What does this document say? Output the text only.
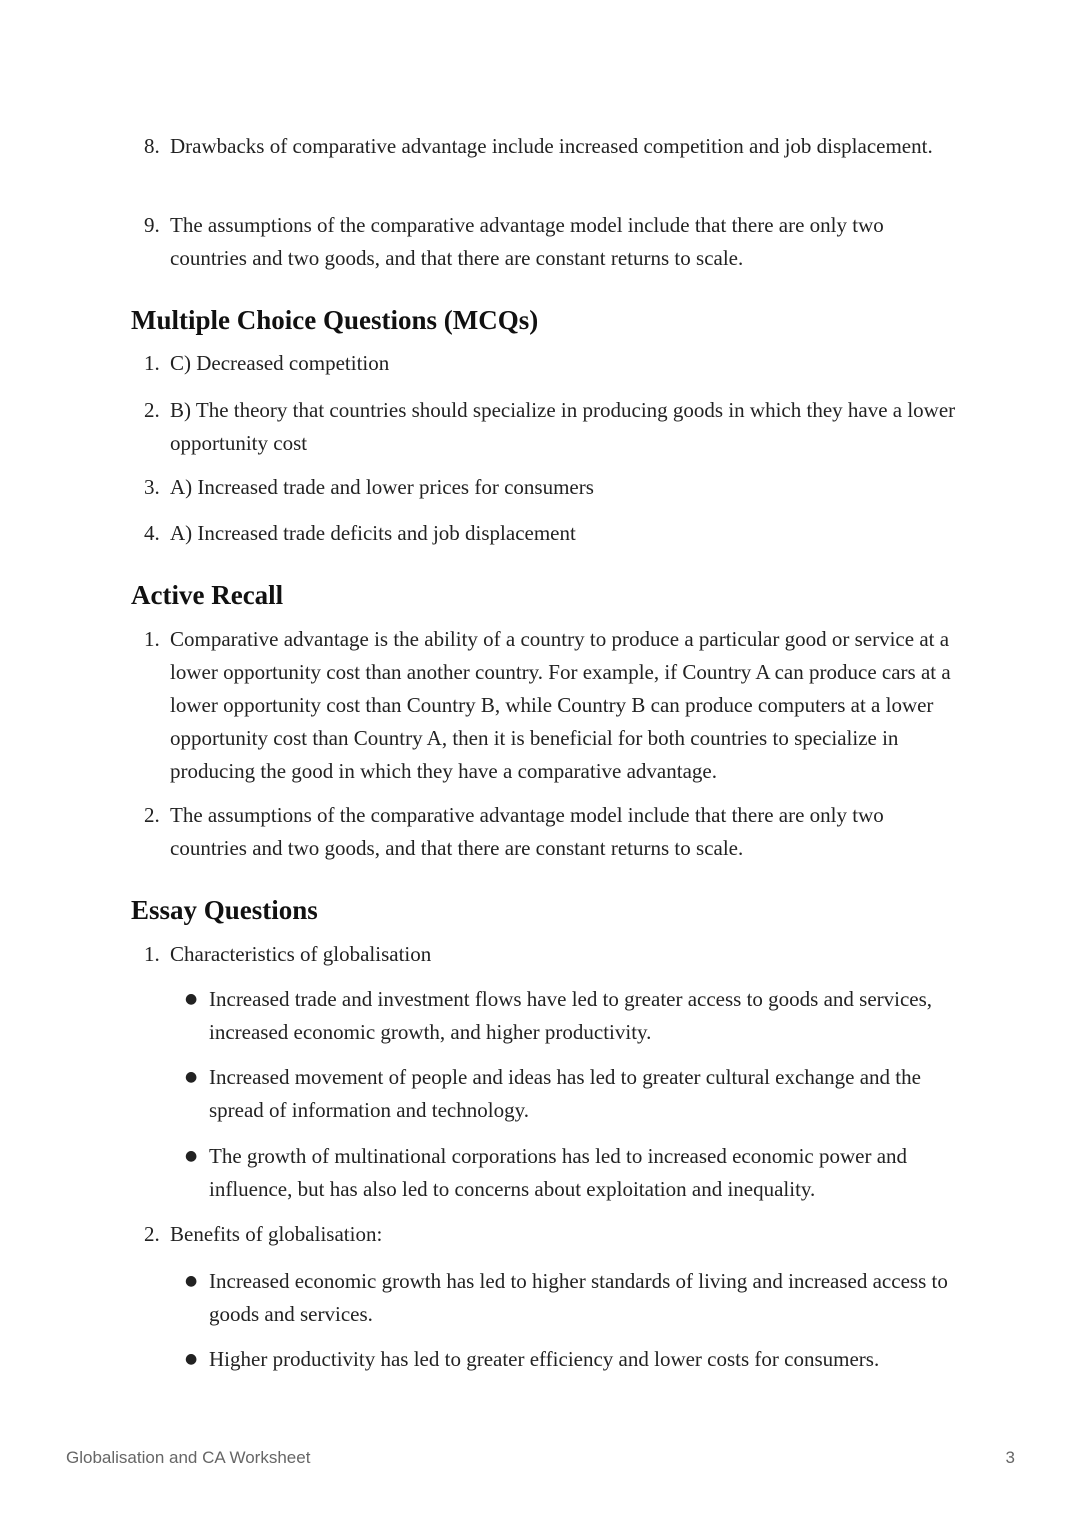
8. Drawbacks of comparative advantage include increased competition and job displacement.
9. The assumptions of the comparative advantage model include that there are only two countries and two goods, and that there are constant returns to scale.
Multiple Choice Questions (MCQs)
1. C) Decreased competition
2. B) The theory that countries should specialize in producing goods in which they have a lower opportunity cost
3. A) Increased trade and lower prices for consumers
4. A) Increased trade deficits and job displacement
Active Recall
1. Comparative advantage is the ability of a country to produce a particular good or service at a lower opportunity cost than another country. For example, if Country A can produce cars at a lower opportunity cost than Country B, while Country B can produce computers at a lower opportunity cost than Country A, then it is beneficial for both countries to specialize in producing the good in which they have a comparative advantage.
2. The assumptions of the comparative advantage model include that there are only two countries and two goods, and that there are constant returns to scale.
Essay Questions
1. Characteristics of globalisation
● Increased trade and investment flows have led to greater access to goods and services, increased economic growth, and higher productivity.
● Increased movement of people and ideas has led to greater cultural exchange and the spread of information and technology.
● The growth of multinational corporations has led to increased economic power and influence, but has also led to concerns about exploitation and inequality.
2. Benefits of globalisation:
● Increased economic growth has led to higher standards of living and increased access to goods and services.
● Higher productivity has led to greater efficiency and lower costs for consumers.
Globalisation and CA Worksheet	3
